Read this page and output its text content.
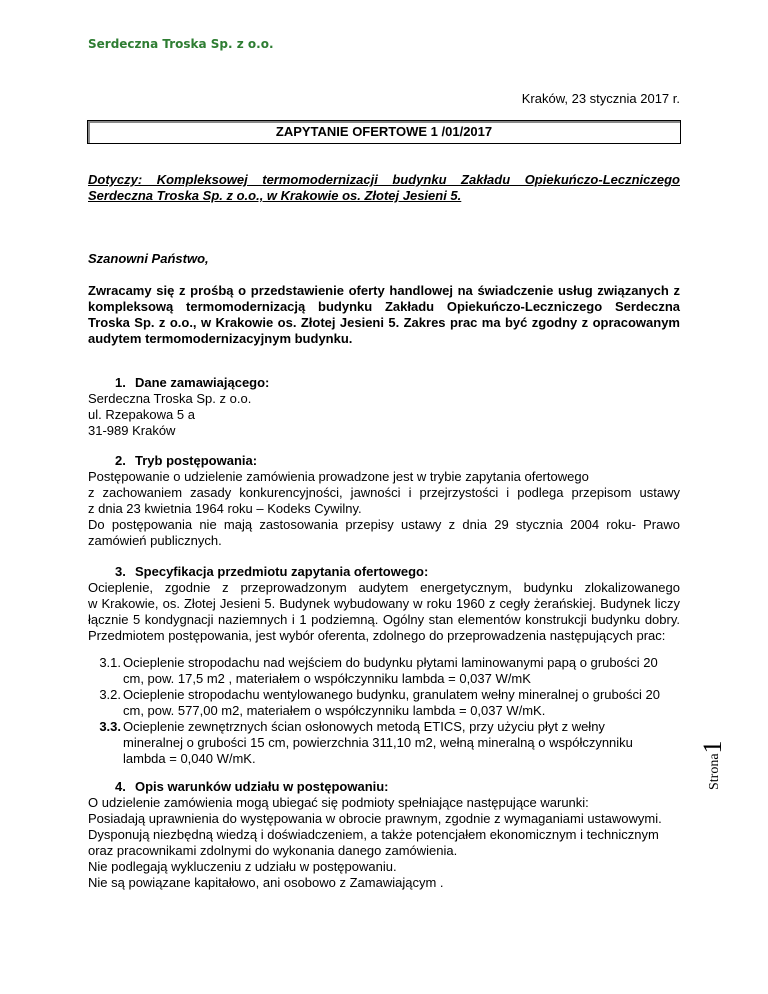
Serdeczna Troska Sp. z o.o.
Kraków, 23 stycznia 2017 r.
ZAPYTANIE OFERTOWE 1 /01/2017
Dotyczy: Kompleksowej termomodernizacji budynku Zakładu Opiekuńczo-Leczniczego
Serdeczna Troska Sp. z o.o., w Krakowie os. Złotej Jesieni 5.
Szanowni Państwo,
Zwracamy się z prośbą o przedstawienie oferty handlowej na świadczenie usług związanych z
kompleksową termomodernizacją budynku Zakładu Opiekuńczo-Leczniczego Serdeczna
Troska Sp. z o.o., w Krakowie os. Złotej Jesieni 5. Zakres prac ma być zgodny z opracowanym
audytem termomodernizacyjnym budynku.
1. Dane zamawiającego:
Serdeczna Troska Sp. z o.o.
ul. Rzepakowa 5 a
31-989 Kraków
2. Tryb postępowania:
Postępowanie o udzielenie zamówienia prowadzone jest w trybie zapytania ofertowego
z zachowaniem zasady konkurencyjności, jawności i przejrzystości i podlega przepisom ustawy
z dnia 23 kwietnia 1964 roku – Kodeks Cywilny.
Do postępowania nie mają zastosowania przepisy ustawy z dnia 29 stycznia 2004 roku- Prawo
zamówień publicznych.
3. Specyfikacja przedmiotu zapytania ofertowego:
Ocieplenie, zgodnie z przeprowadzonym audytem energetycznym, budynku zlokalizowanego
w Krakowie, os. Złotej Jesieni 5. Budynek wybudowany w roku 1960 z cegły żerańskiej. Budynek liczy
łącznie 5 kondygnacji naziemnych i 1 podziemną. Ogólny stan elementów konstrukcji budynku dobry.
Przedmiotem postępowania, jest wybór oferenta, zdolnego do przeprowadzenia następujących prac:
3.1. Ocieplenie stropodachu nad wejściem do budynku płytami laminowanymi papą o grubości 20
cm, pow. 17,5 m2 , materiałem o współczynniku lambda = 0,037 W/mK
3.2. Ocieplenie stropodachu wentylowanego budynku, granulatem wełny mineralnej o grubości 20
cm, pow. 577,00 m2, materiałem o współczynniku lambda = 0,037 W/mK.
3.3. Ocieplenie zewnętrznych ścian osłonowych metodą ETICS, przy użyciu płyt z wełny
mineralnej o grubości 15 cm, powierzchnia 311,10 m2, wełną mineralną o współczynniku
lambda = 0,040 W/mK.
4. Opis warunków udziału w postępowaniu:
O udzielenie zamówienia mogą ubiegać się podmioty spełniające następujące warunki:
Posiadają uprawnienia do występowania w obrocie prawnym, zgodnie z wymaganiami ustawowymi.
Dysponują niezbędną wiedzą i doświadczeniem, a także potencjałem ekonomicznym i technicznym
oraz pracownikami zdolnymi do wykonania danego zamówienia.
Nie podlegają wykluczeniu z udziału w postępowaniu.
Nie są powiązane kapitałowo, ani osobowo z Zamawiającym .
Strona1
